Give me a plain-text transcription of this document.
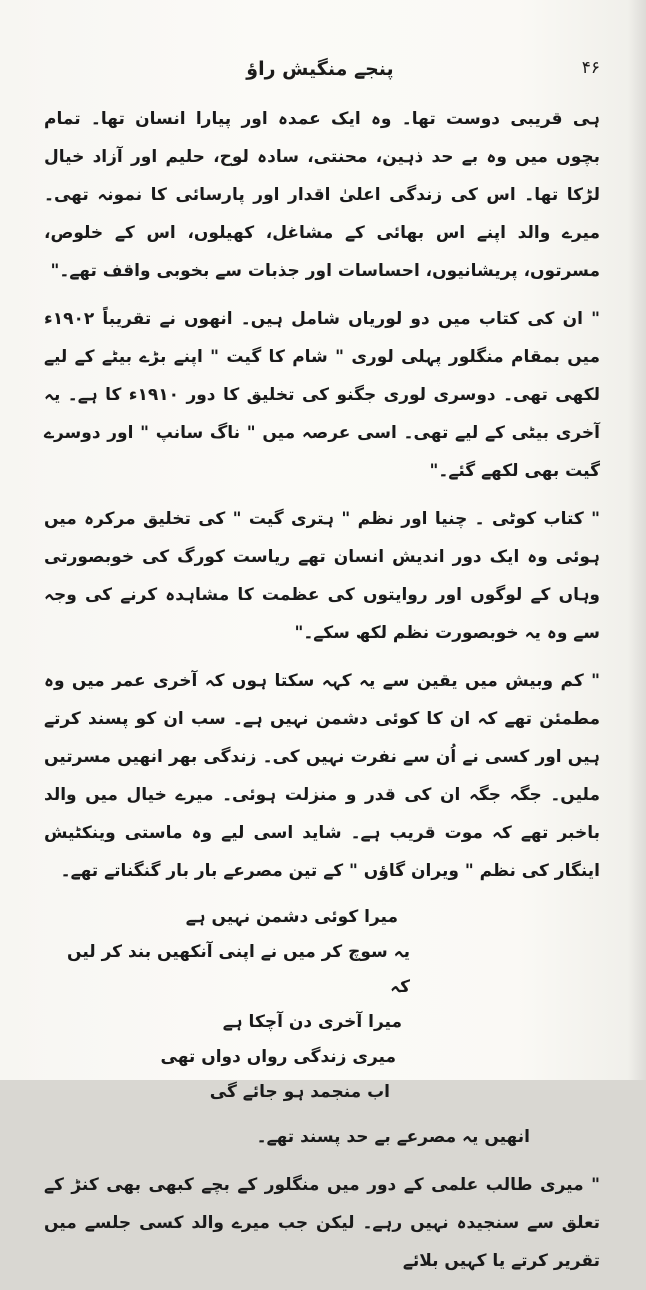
۴۶
پنجے منگیش راؤ

ہی قریبی دوست تھا۔ وہ ایک عمدہ اور پیارا انسان تھا۔ تمام بچوں میں وہ بے حد ذہین، محنتی، سادہ لوح، حلیم اور آزاد خیال لڑکا تھا۔ اس کی زندگی اعلیٰ اقدار اور پارسائی کا نمونہ تھی۔ میرے والد اپنے اس بھائی کے مشاغل، کھیلوں، اس کے خلوص، مسرتوں، پریشانیوں، احساسات اور جذبات سے بخوبی واقف تھے۔"

" ان کی کتاب میں دو لوریاں شامل ہیں۔ انھوں نے تقریباً ۱۹۰۲ء میں بمقام منگلور پہلی لوری " شام کا گیت " اپنے بڑے بیٹے کے لیے لکھی تھی۔ دوسری لوری جگنو کی تخلیق کا دور ۱۹۱۰ء کا ہے۔ یہ آخری بیٹی کے لیے تھی۔ اسی عرصہ میں " ناگ سانپ " اور دوسرے گیت بھی لکھے گئے۔"

" کتاب کوٹی ۔ چنیا اور نظم " ہتری گیت " کی تخلیق مرکرہ میں ہوئی وہ ایک دور اندیش انسان تھے ریاست کورگ کی خوبصورتی وہاں کے لوگوں اور روایتوں کی عظمت کا مشاہدہ کرنے کی وجہ سے وہ یہ خوبصورت نظم لکھ سکے۔"

" کم وبیش میں یقین سے یہ کہہ سکتا ہوں کہ آخری عمر میں وہ مطمئن تھے کہ ان کا کوئی دشمن نہیں ہے۔ سب ان کو پسند کرتے ہیں اور کسی نے اُن سے نفرت نہیں کی۔ زندگی بھر انھیں مسرتیں ملیں۔ جگہ جگہ ان کی قدر و منزلت ہوئی۔ میرے خیال میں والد باخبر تھے کہ موت قریب ہے۔ شاید اسی لیے وہ ماستی وینکٹیش اینگار کی نظم " ویران گاؤں " کے تین مصرعے بار بار گنگناتے تھے۔

میرا کوئی دشمن نہیں ہے
یہ سوچ کر میں نے اپنی آنکھیں بند کر لیں کہ
میرا آخری دن آچکا ہے
میری زندگی رواں دواں تھی
اب منجمد ہو جائے گی

انھیں یہ مصرعے بے حد پسند تھے۔

" میری طالب علمی کے دور میں منگلور کے بچے کبھی بھی کنڑ کے تعلق سے سنجیدہ نہیں رہے۔ لیکن جب میرے والد کسی جلسے میں تقریر کرتے یا کہیں بلائے
